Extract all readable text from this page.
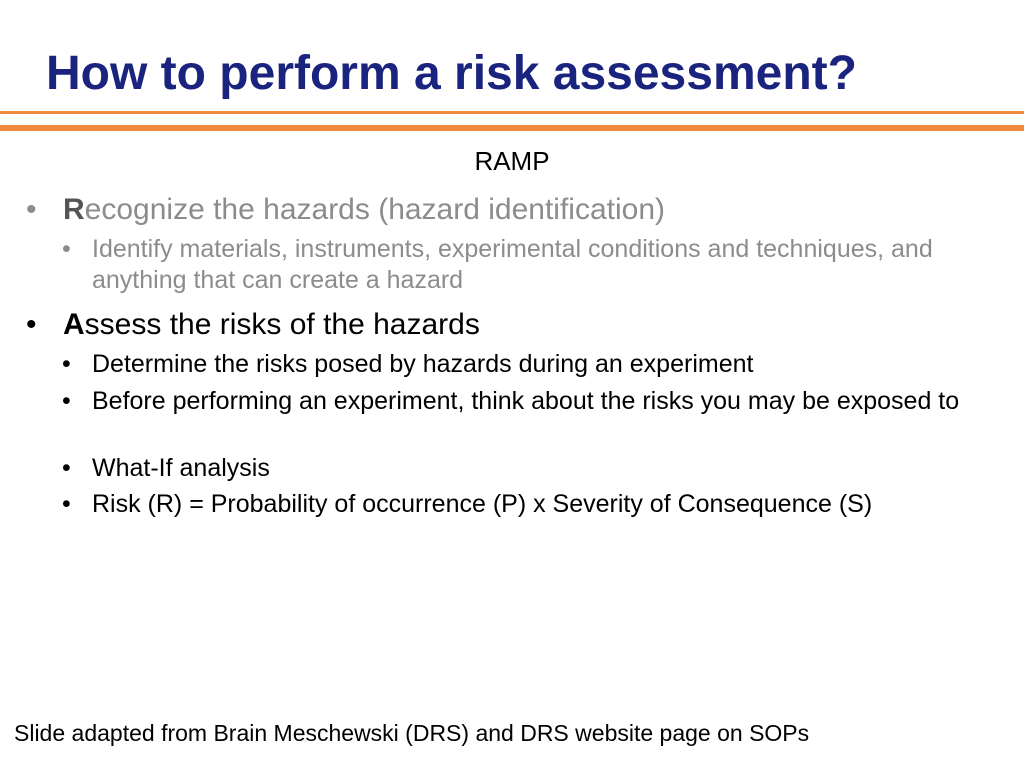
How to perform a risk assessment?
RAMP
• Recognize the hazards (hazard identification)
• Identify materials, instruments, experimental conditions and techniques, and anything that can create a hazard
• Assess the risks of the hazards
• Determine the risks posed by hazards during an experiment
• Before performing an experiment, think about the risks you may be exposed to
• What-If analysis
• Risk (R) = Probability of occurrence (P) x Severity of Consequence (S)
Slide adapted from Brain Meschewski (DRS) and DRS website page on SOPs
